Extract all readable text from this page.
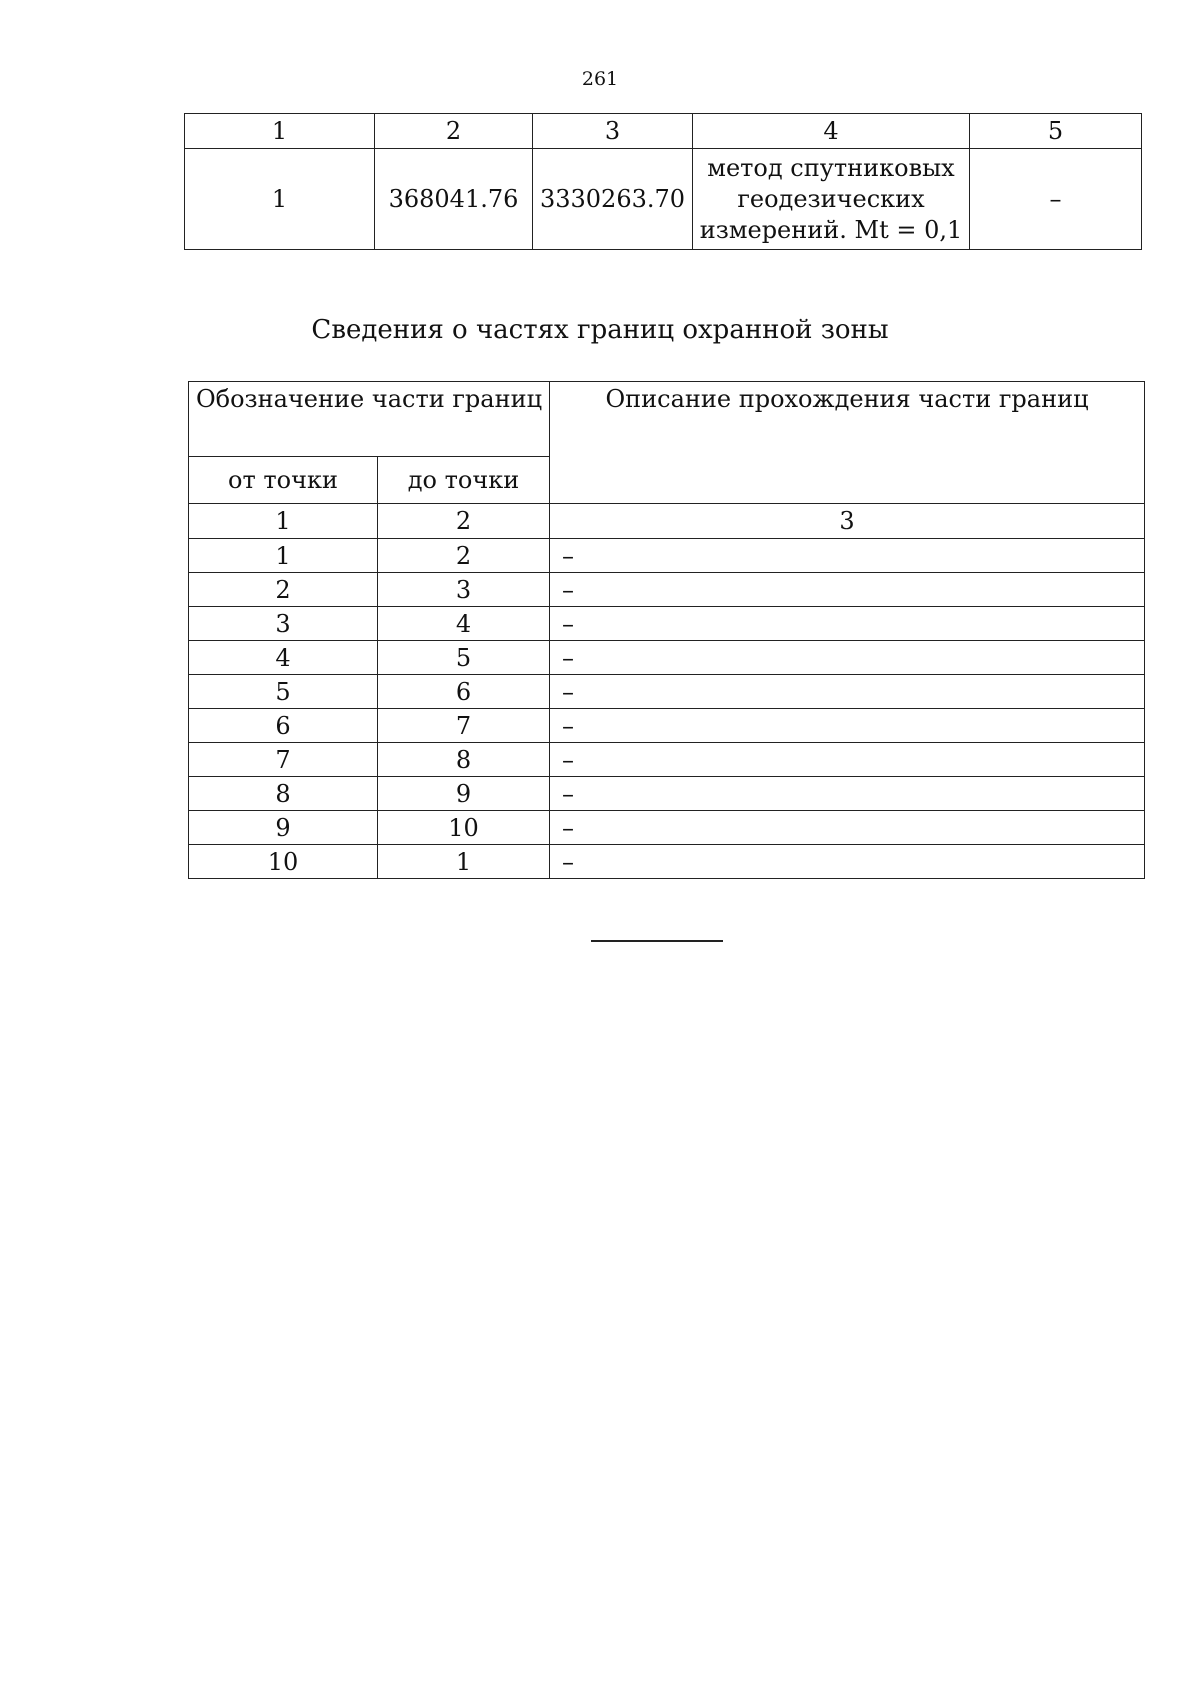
261
1	2	3	4	5
1	368041.76	3330263.70	метод спутниковых
геодезических
измерений. Mt = 0,1	–
Сведения о частях границ охранной зоны
Обозначение части границ		Описание прохождения части границ
от точки	до точки	
1	2	3
1	2	–
2	3	–
3	4	–
4	5	–
5	6	–
6	7	–
7	8	–
8	9	–
9	10	–
10	1	–
